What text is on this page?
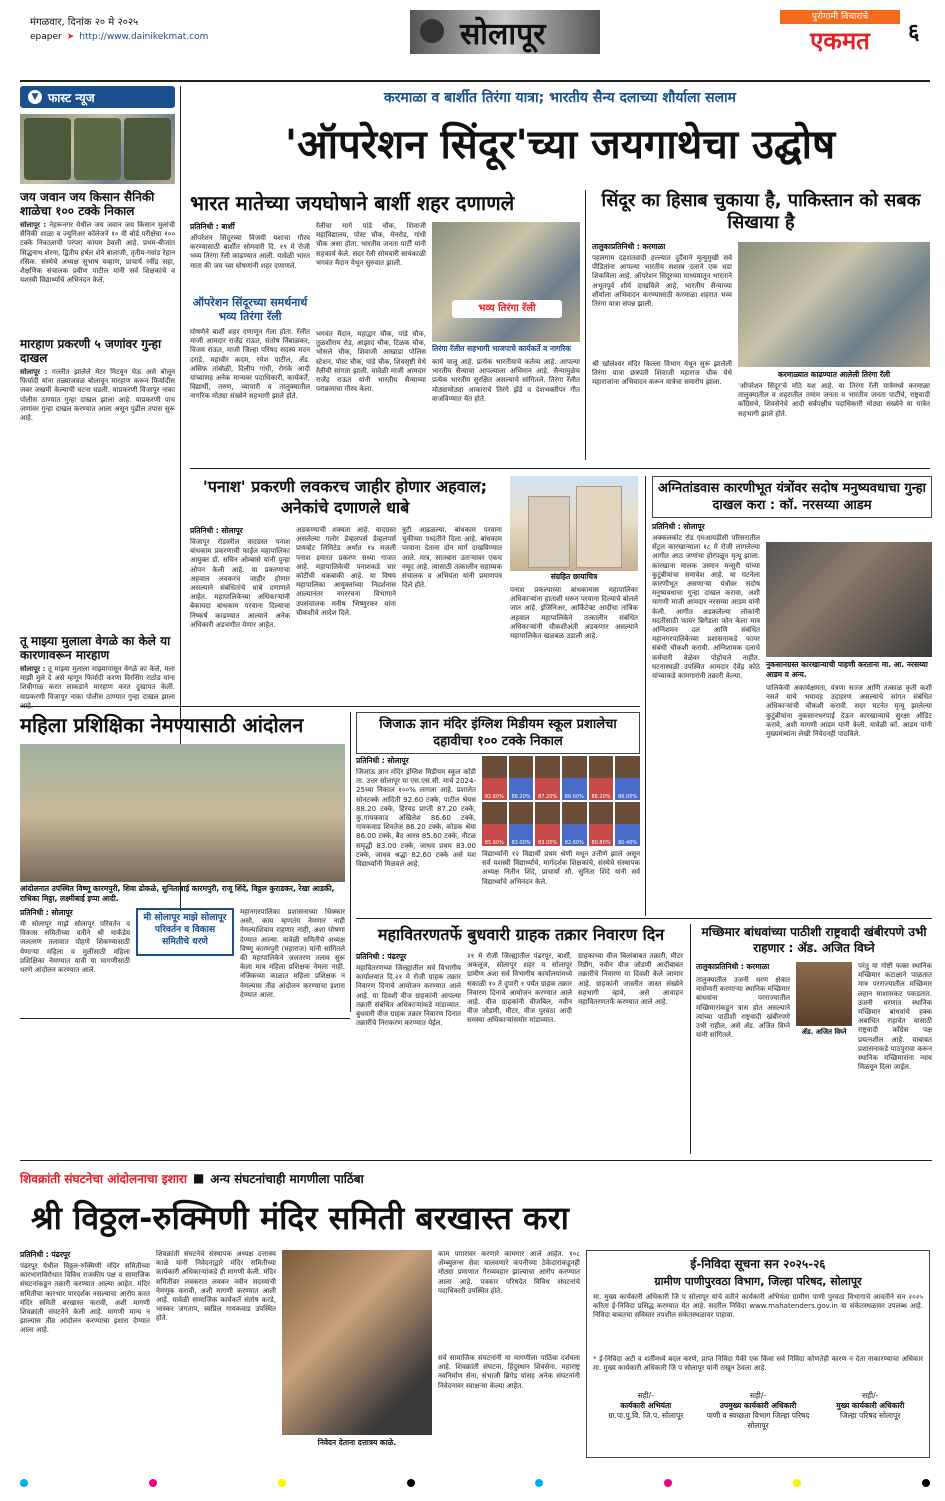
मंगळवार, दिनांक २० मे २०२५
epaper ➤ http://www.dainikekmat.com	सोलापूर	पुरोगामी विचारांचे
एकमत	६
▼ फास्ट न्यूज
जय जवान जय किसान सैनिकी शाळेचा १०० टक्के निकाल
सोलापूर : नेहरूनगर येथील जय जवान जय किसान मुलांची सैनिकी शाळा व ज्युनिअर कॉलेजने १० वी बोर्ड परीक्षेचा १०० टक्के निकालाची परंपरा कायम ठेवली आहे. प्रथम-बीजांत सिद्धनाथ शेरना, द्वितीय हर्षल शेवे बालाजी, तृतीय-गवांड रेहान रसिक. संस्थेचे अध्यक्ष सुभाष चव्हाण, प्राचार्य रवींद्र सहा, शैक्षणिक संचालक प्रवीण पाटील यांनी सर्व शिक्षकांचे व यशस्वी विद्यार्थ्यांचे अभिनंदन केले.
मारहाण प्रकरणी ५ जणांवर गुन्हा दाखल
सोलापूर : गल्लीत झालेले मेटर मिटवून घेऊ असे बोलून फिर्यादी यांना तळ्याजवळ बोलावून मारहाण करून फिर्यादीस जबर जखमी केल्याची घटना घडली. याप्रकरणी विजापूर नाका पोलीस ठाण्यात गुन्हा दाखल झाला आहे. याप्रकरणी पाच जणांवर गुन्हा दाखल करण्यात आला असून पुढील तपास सुरू आहे.
तू माझ्या मुलाला वेगळे का केले या कारणावरून मारहाण
सोलापूर : तू माझ्या मुलाला माझ्यापासून वेगळे का केले, मला माझी मुले दे असे म्हणून फिर्यादी करणा विरसिंग राठोड यांना शिवीगाळ करत लाकडाने मारहाण करत दुखापत केली. याप्रकरणी विजापूर नाका पोलीस ठाण्यात गुन्हा दाखल झाला
करमाळा व बार्शीत तिरंगा यात्रा; भारतीय सैन्य दलाच्या शौर्याला सलाम
'ऑपरेशन सिंदूर'च्या जयगाथेचा उद्घोष
भारत मातेच्या जयघोषाने बार्शी शहर दणाणले
प्रतिनिधी : बार्शी
ऑपरेशन सिंदूरच्या विजयी यशाचा गौरव करण्यासाठी बार्शीत सोमवारी दि. १९ मे रोजी भव्य तिरंगा रॅली काढण्यात आली. यावेळी भारत माता की जय च्या घोषणांनी शहर दणाणले.
ऑपरेशन सिंदूरच्या समर्थनार्थ भव्य तिरंगा रॅली
घोषणेने बार्शी शहर दणाणून गेला होता. रॅलीत माजी आमदार राजेंद्र राऊत, संतोष निंबाळकर, विजय राऊत, माजी जिल्हा परिषद सदस्य मदन दराडे, महावीर कदम, रमेश पाटील, ॲड. असिफ तांबोळी, दिलीप गांधी, रोगंके आदी यांच्यासह अनेक मान्यवर पदाधिकारी, कार्यकर्ते, विद्यार्थी, तरुण, व्यापारी व तालुक्यातील नागरिक मोठ्या संख्येने सहभागी झाले होते.
रॅलीचा मार्ग पांडे चौक, शिवाजी महाविद्यालय, पोस्ट चौक, मेनरोड, गांधी चौक असा होता. भारतीय जनता पार्टी यांनी सहकार्य केले. सदर रॅली सोमवारी सायंकाळी भगवंत मैदान येथून सुरुवात झाली.
भगवंत मैदान, महाद्वार चौक, पांडे चौक, तुळशीराम रोड, आझाद चौक, टिळक चौक, भोसले चौक, शिवाजी आखाडा पोलिस स्टेशन, पोस्ट चौक, पांडे चौक, शिवसृष्टी येथे रॅलीची सांगता झाली. यावेळी माजी आमदार राजेंद्र राऊत यांनी भारतीय सैन्याच्या पराक्रमाचा गौरव केला.
भव्य तिरंगा रॅली
तिरंगा रॅलीत सहभागी भाजपाचे कार्यकर्ते व नागरिक
कार्य चालू आहे. प्रत्येक भारतीयाचे कर्तव्य आहे. आपल्या भारतीय सैन्याचा आपल्याला अभिमान आहे. सैन्यामुळेच प्रत्येक भारतीय सुरक्षित असल्याचे सांगितले. तिरंगा रॅलीत मोठ्यामोठ्या आकाराचे तिरंगे झेंडे व देशभक्तीपर गीत वाजविण्यात येत होते.
सिंदूर का हिसाब चुकाया है, पाकिस्तान को सबक सिखाया है
तालुकाप्रतिनिधी : करमाळा
पहलगाम दहशतवादी हल्ल्यात दुर्दैवाने मृत्युमुखी सर्व पीडितांना आपल्या भारतीय सशस्त्र दलाने एक धडा शिकविला आहे. ऑपरेशन सिंदूरच्या माध्यमातून भारताने अभूतपूर्व शौर्य दाखविले आहे, भारतीय सैन्याच्या शौर्याला अभिवादन करण्यासाठी करमाळा शहरात भव्य तिरंगा यात्रा संपन्न झाली.
करमाळ्यात काढण्यात आलेली तिरंगा रॅली
श्री खोलेश्वर मंदिर किल्ला विभाग येथून सुरू झालेली तिरंगा यात्रा छत्रपती शिवाजी महाराज चौक येथे महाराजांना अभिवादन करून यात्रेचा समारोप झाला.	'ऑपरेशन सिंदूर'चे मोठे यश आहे. या तिरंगा रॅली यात्रेमध्ये करमाळा तालुक्यातील व शहरातील तमाम जनता व भारतीय जनता पार्टीचे, राष्ट्रवादी काँग्रेसचे, शिवसेनेचे आदी सर्वपक्षीय पदाधिकारी मोठ्या संख्येने या यात्रेत सहभागी झाले होते.
'पनाश' प्रकरणी लवकरच जाहीर होणार अहवाल; अनेकांचे दणाणले धाबे
प्रतिनिधी : सोलापूर
विजापूर रोडवरील वादग्रस्त पनाश बांधकाम प्रकरणाची फाईल महापालिका आयुक्त डॉ. सचिन ओम्बासे यांनी पुन्हा ओपन केली आहे. या प्रकरणाचा अहवाल लवकरच जाहीर होणार असल्याने संबंधितांचे धाबे दणाणले आहेत. महापालिकेच्या अधिकाऱ्यांनी बेकायदा बांधकाम परवाना दिल्याचा निष्कर्ष काढण्यात आल्याने अनेक अधिकारी अडचणीत येणार आहेत.
अडकण्याची शक्यता आहे. वादग्रस्त असलेल्या गलोर डेव्हलपर्स डेव्हलपर्स प्रायव्हेट लिमिटेड अर्थात १४ मजली पनाश इमारत प्रकरण सध्या गाजत आहे. महापालिकेची पनाशकडे चार कोटींची थकबाकी आहे. या विषय महापालिका आयुक्तांच्या निदर्शनास आल्यानंतर नगररचना विभागाने उपसंचालक मनीष भिष्णुरकर यांना चौकशीचे आदेश दिले.
त्रुटी आढळल्या. बांधकाम परवाना चुकीच्या पध्दतीने दिला आहे. बांधकाम परवाना देताना दोन मार्ग दाखविण्यात आले. मात्र, सातबारा उताऱ्यावर एकच नमूद आहे. त्यासाठी तत्कालीन सहाय्यक संचालक व अभियंता यांनी प्रमाणपत्र दिले होते.
संग्रहित छायाचित्र
पनाश प्रकल्पाच्या बांधकामास महापालिका अधिकाऱ्यांना हाताशी धरून परवाना दिल्याचे बोलले जात आहे. इंजिनिअर, आर्किटेक्ट आदींचा तांत्रिक अहवाल महापालिकेने तत्कालीन संबंधित अधिकाऱ्यांनी चौकशीअंती अडकणार असल्याने महापालिकेत खळबळ उडाली आहे.
अग्नितांडवास कारणीभूत यंत्रोंवर सदोष मनुष्यवधाचा गुन्हा दाखल करा : कॉ. नरसय्या आडम
प्रतिनिधी : सोलापूर
अक्कलकोट रोड एमआयडीसी परिसरातील सेंट्रल कारखान्याला १८ मे रोजी लागलेल्या आगीत आठ जणांचा होरपळून मृत्यू झाला. कारखाना मालक उस्मान मन्सुरी यांच्या कुटुंबीयांचा समावेश आहे. या घटनेला कारणीभूत असणाऱ्या यंत्रोंवर सदोष मनुष्यवधाचा गुन्हा दाखल करावा, अशी मागणी माजी आमदार नरसय्या आडम यांनी केली. आगीत अडकलेल्या लोकांनी मदतीसाठी फायर ब्रिगेडला फोन केला मात्र अग्निशमन दल आणि संबंधित महानगरपालिकेच्या प्रशासनाकडे फायर संबंधी चौकशी करावी. अग्निशामक दलाचे कर्मचारी वेळेवर पोहोचले नाहीत. घटनास्थळी उपस्थित आमदार देवेंद्र कोठे यांच्याकडे कामगारांनी तक्रारी केल्या.
नुकसानग्रस्त कारखान्याची पाहणी करताना मा. आ. नरसय्या आडम व अन्य.
पालिकेची अकार्यक्षमता, यंत्रणा सज्ज आणि तत्काळ कृती कशी नसते याचे भयावह उदाहरण असल्याचे सांगत संबंधित अधिकाऱ्यांची चौकशी करावी. सदर घटनेत मृत्यू झालेल्या कुटुंबीयांना नुकसानभरपाई देऊन कारखान्याचे सुरक्षा ऑडिट करावे, अशी मागणी आडम यांनी केली. यावेळी कॉ. आडम यांनी मुख्यमंत्र्यांना लेखी निवेदनही पाठविले.
महिला प्रशिक्षिका नेमण्यासाठी आंदोलन
आंदोलनात उपस्थित विष्णू कारमपुरी, शिवा ढोकळे, सुनिताबाई कारमपुरी, राजू शिंदे, विठ्ठल कुराडकर, रेखा आडकी, राधिका मिठ्ठा, लक्ष्मीबाई इप्पा आदी.
प्रतिनिधी : सोलापूर
मी सोलापूर माझे सोलापूर परिवर्तन व विकास समितीच्या वतीने श्री मार्कंडेय जलतरण तलावात पोहणे शिकण्यासाठी येणाऱ्या महिला व मुलींसाठी महिला प्रशिक्षिका नेमण्यात यावी या मागणीसाठी धरणे आंदोलन करण्यात आले.
मी सोलापूर माझे सोलापूर परिवर्तन व विकास समितीचे धरणे
महानगरपालिका प्रशासनाच्या धिक्कार असो, काय म्हणतंय नेमणार नाही नेमल्याशिवाय राहणार नाही, अशा घोषणा देण्यात आल्या. यावेळी समितीचे अध्यक्ष विष्णू कारमपुरी (महाराज) यांनी सांगितले की महापालिकेने जलतरण तलाव सुरू केला मात्र महिला प्रशिक्षक नेमला नाही. नजिकच्या काळात महिला प्रशिक्षक न नेमल्यास तीव्र आंदोलन करण्याचा इशारा देण्यात आला.
जिजाऊ ज्ञान मंदिर इंग्लिश मिडीयम स्कूल प्रशालेचा दहावीचा १०० टक्के निकाल
प्रतिनिधी : सोलापूर
जिजाऊ ज्ञान मंदिर इंग्लिश मिडीयम स्कूल कोंडी ता. उत्तर सोलापूर या एस.एस.सी. मार्च 2024-25च्या निकाल १००% लागला आहे. प्रशालेत सोनटक्के आदिती 92.60 टक्के, पाटील श्रेयस 88.20 टक्के, हिरवड प्राप्ती 87.20 टक्के, कु.गायकवाड अखिलेश 86.60 टक्के, गायकवाड शिवतेज 86.20 टक्के, कोडक श्रेया 86.00 टक्के, बैद आरव 85.60 टक्के, नीटळ समृद्धी 83.00 टक्के, जाधव प्रथम 83.00 टक्के, जाधव श्रद्धा 82.60 टक्के असे यश विद्यार्थ्यांनी मिळवले आहे.
92.60%	88.20%	87.20%	86.60%	86.20%	86.00%
85.60%	83.00%	83.00%	82.60%	80.80%	80.40%
विद्यार्थ्यांनी १२ विद्यार्थी प्रथम श्रेणी मधून उत्तीर्ण झाले असून सर्व यशस्वी विद्यार्थ्यांचे, मार्गदर्शक शिक्षकांचे, संस्थेचे संस्थापक अध्यक्ष नितीन शिंदे, प्राचार्या सौ. सुनिता शिंदे यांनी सर्व विद्यार्थ्यांचे अभिनंदन केले.
महावितरणतर्फे बुधवारी ग्राहक तक्रार निवारण दिन
प्रतिनिधी : पंढरपूर
महावितरणच्या जिल्ह्यातील सर्व विभागीय कार्यालयात दि.२१ मे रोजी ग्राहक तक्रार निवारण दिनाचे आयोजन करण्यात आले आहे. या दिवशी वीज ग्राहकांनी आपल्या तक्रारी संबंधित अधिकाऱ्यांकडे मांडाव्यात. बुधवारी वीज ग्राहक तक्रार निवारण दिनात तक्रारींचे निराकरण करण्यात येईल.
२१ मे रोजी जिल्ह्यातील पंढरपूर, बार्शी, अकलूज, सोलापूर शहर व सोलापूर ग्रामीण अशा सर्व विभागीय कार्यालयांमध्ये सकाळी १० ते दुपारी १ पर्यंत ग्राहक तक्रार निवारण दिनाचे आयोजन करण्यात आले आहे. वीज ग्राहकांनी वीजबिल, नवीन वीज जोडणी, मीटर, वीज पुरवठा आदी समस्या अधिकाऱ्यांसमोर मांडाव्यात.
ग्राहकाच्या वीज बिलांबाबत तक्रारी, मीटर रिडींग, नवीन वीज जोडणी आदींबाबत तक्रारींचे निवारण या दिवशी केले जाणार आहे. ग्राहकांनी जास्तीत जास्त संख्येने सहभागी व्हावे, असे आवाहन महावितरणतर्फे करण्यात आले आहे.
मच्छिमार बांधवांच्या पाठीशी राष्ट्रवादी खंबीरपणे उभी राहणार : ॲड. अजित विघ्ने
तालुकाप्रतिनिधी : करमाळा
ॲड. अजित विघ्ने
तालुक्यातील उजनी धरण क्षेत्रात मासेमारी करणाऱ्या स्थानिक मच्छिमार बांधवांना परराज्यातील मच्छिमारांकडून त्रास होत असल्याने त्यांच्या पाठीशी राष्ट्रवादी खंबीरपणे उभी राहील, असे ॲड. अजित विघ्ने यांनी सांगितले.
परंतु या गोष्टी फक्त स्थानिक मच्छिमार कटाक्षाने पाळतात मात्र परराज्यातील मच्छिमार लहान माशासकट पकडतात. उजनी धरणात स्थानिक मच्छिमार बांधवांचे हक्क अबाधित राहावेत यासाठी राष्ट्रवादी काँग्रेस पक्ष प्रयत्नशील आहे. याबाबत प्रशासनाकडे पाठपुरावा करून स्थानिक मच्छिमारांना न्याय मिळवून दिला जाईल.
शिवक्रांती संघटनेचा आंदोलनाचा इशारा ■ अन्य संघटनांचाही मागणीला पाठिंबा
श्री विठ्ठल-रुक्मिणी मंदिर समिती बरखास्त करा
प्रतिनिधी : पंढरपूर
पंढरपूर येथील विठ्ठल-रुक्मिणी मंदिर समितीच्या कारभाराविरोधात विविध राजकीय पक्ष व सामाजिक संघटनांकडून तक्रारी करण्यात आल्या आहेत. मंदिर समितीचा कारभार पारदर्शक नसल्याचा आरोप करत मंदिर समिती बरखास्त करावी, अशी मागणी शिवक्रांती संघटनेने केली आहे. मागणी मान्य न झाल्यास तीव्र आंदोलन करण्याचा इशारा देण्यात आला आहे.
शिवक्रांती संघटनेचे संस्थापक अध्यक्ष दत्तात्रय काळे यांनी निवेदनाद्वारे मंदिर समितीच्या कार्यकारी अधिकाऱ्यांकडे ही मागणी केली. मंदिर समितीवर लवकरात लवकर नवीन सदस्यांची नेमणूक करावी, अशी मागणी करण्यात आली आहे. यावेळी सामाजिक कार्यकर्ते संतोष करडे, भास्कर जगताप, स्वप्निल गायकवाड उपस्थित होते.
निवेदन देताना दत्तात्रय काळे.
काम पगारावर करणारे कामगार आले आहेत. १०८ ॲम्ब्युलन्स सेवा चालवणारे कंपनीच्या ठेकेदारांकडूनही मोठ्या प्रमाणात गैरव्यवहार झाल्याचा आरोप करण्यात आला आहे. पत्रकार परिषदेत विविध संघटनांचे पदाधिकारी उपस्थित होते.
सर्व सामाजिक संघटनांनी या मागणीला पाठिंबा दर्शवला आहे. शिवक्रांती संघटना, हिंदुस्थान शिवसेना, महाराष्ट्र नवनिर्माण सेना, संभाजी ब्रिगेड यांसह अनेक संघटनांनी निवेदनावर स्वाक्षऱ्या केल्या आहेत.
ई-निविदा सूचना सन २०२५-२६
ग्रामीण पाणीपुरवठा विभाग, जिल्हा परिषद, सोलापूर
मा. मुख्य कार्यकारी अधिकारी जि प सोलापूर यांचे वतीने कार्यकारी अभियंता ग्रामीण पाणी पुरवठा विभागाचे आवतीने सन २०२५ करिता ई-निविदा प्रसिद्ध करण्यात येत आहे. सदरील निविदा www.mahatenders.gov.in या संकेतस्थळावर उपलब्ध आहे. निविदा बाबतचा सविस्तर तपशील संकेतस्थळावर पाहावा.
* ई-निविदा अटी व शर्तीमध्ये बदल करणे, प्राप्त निविदा पैकी एक किंवा सर्व निविदा कोणतेही कारण न देता नाकारण्याचा अधिकार मा. मुख्य कार्यकारी अधिकारी जि प सोलापूर यांनी राखून ठेवला आहे.
सही/-
कार्यकारी अभियंता
ग्रा.पा.पु.वि. जि.प. सोलापूर
सही/-
उपमुख्य कार्यकारी अधिकारी
पाणी व स्वच्छता विभाग जिल्हा परिषद सोलापूर
सही/-
मुख्य कार्यकारी अधिकारी
जिल्हा परिषद सोलापूर
